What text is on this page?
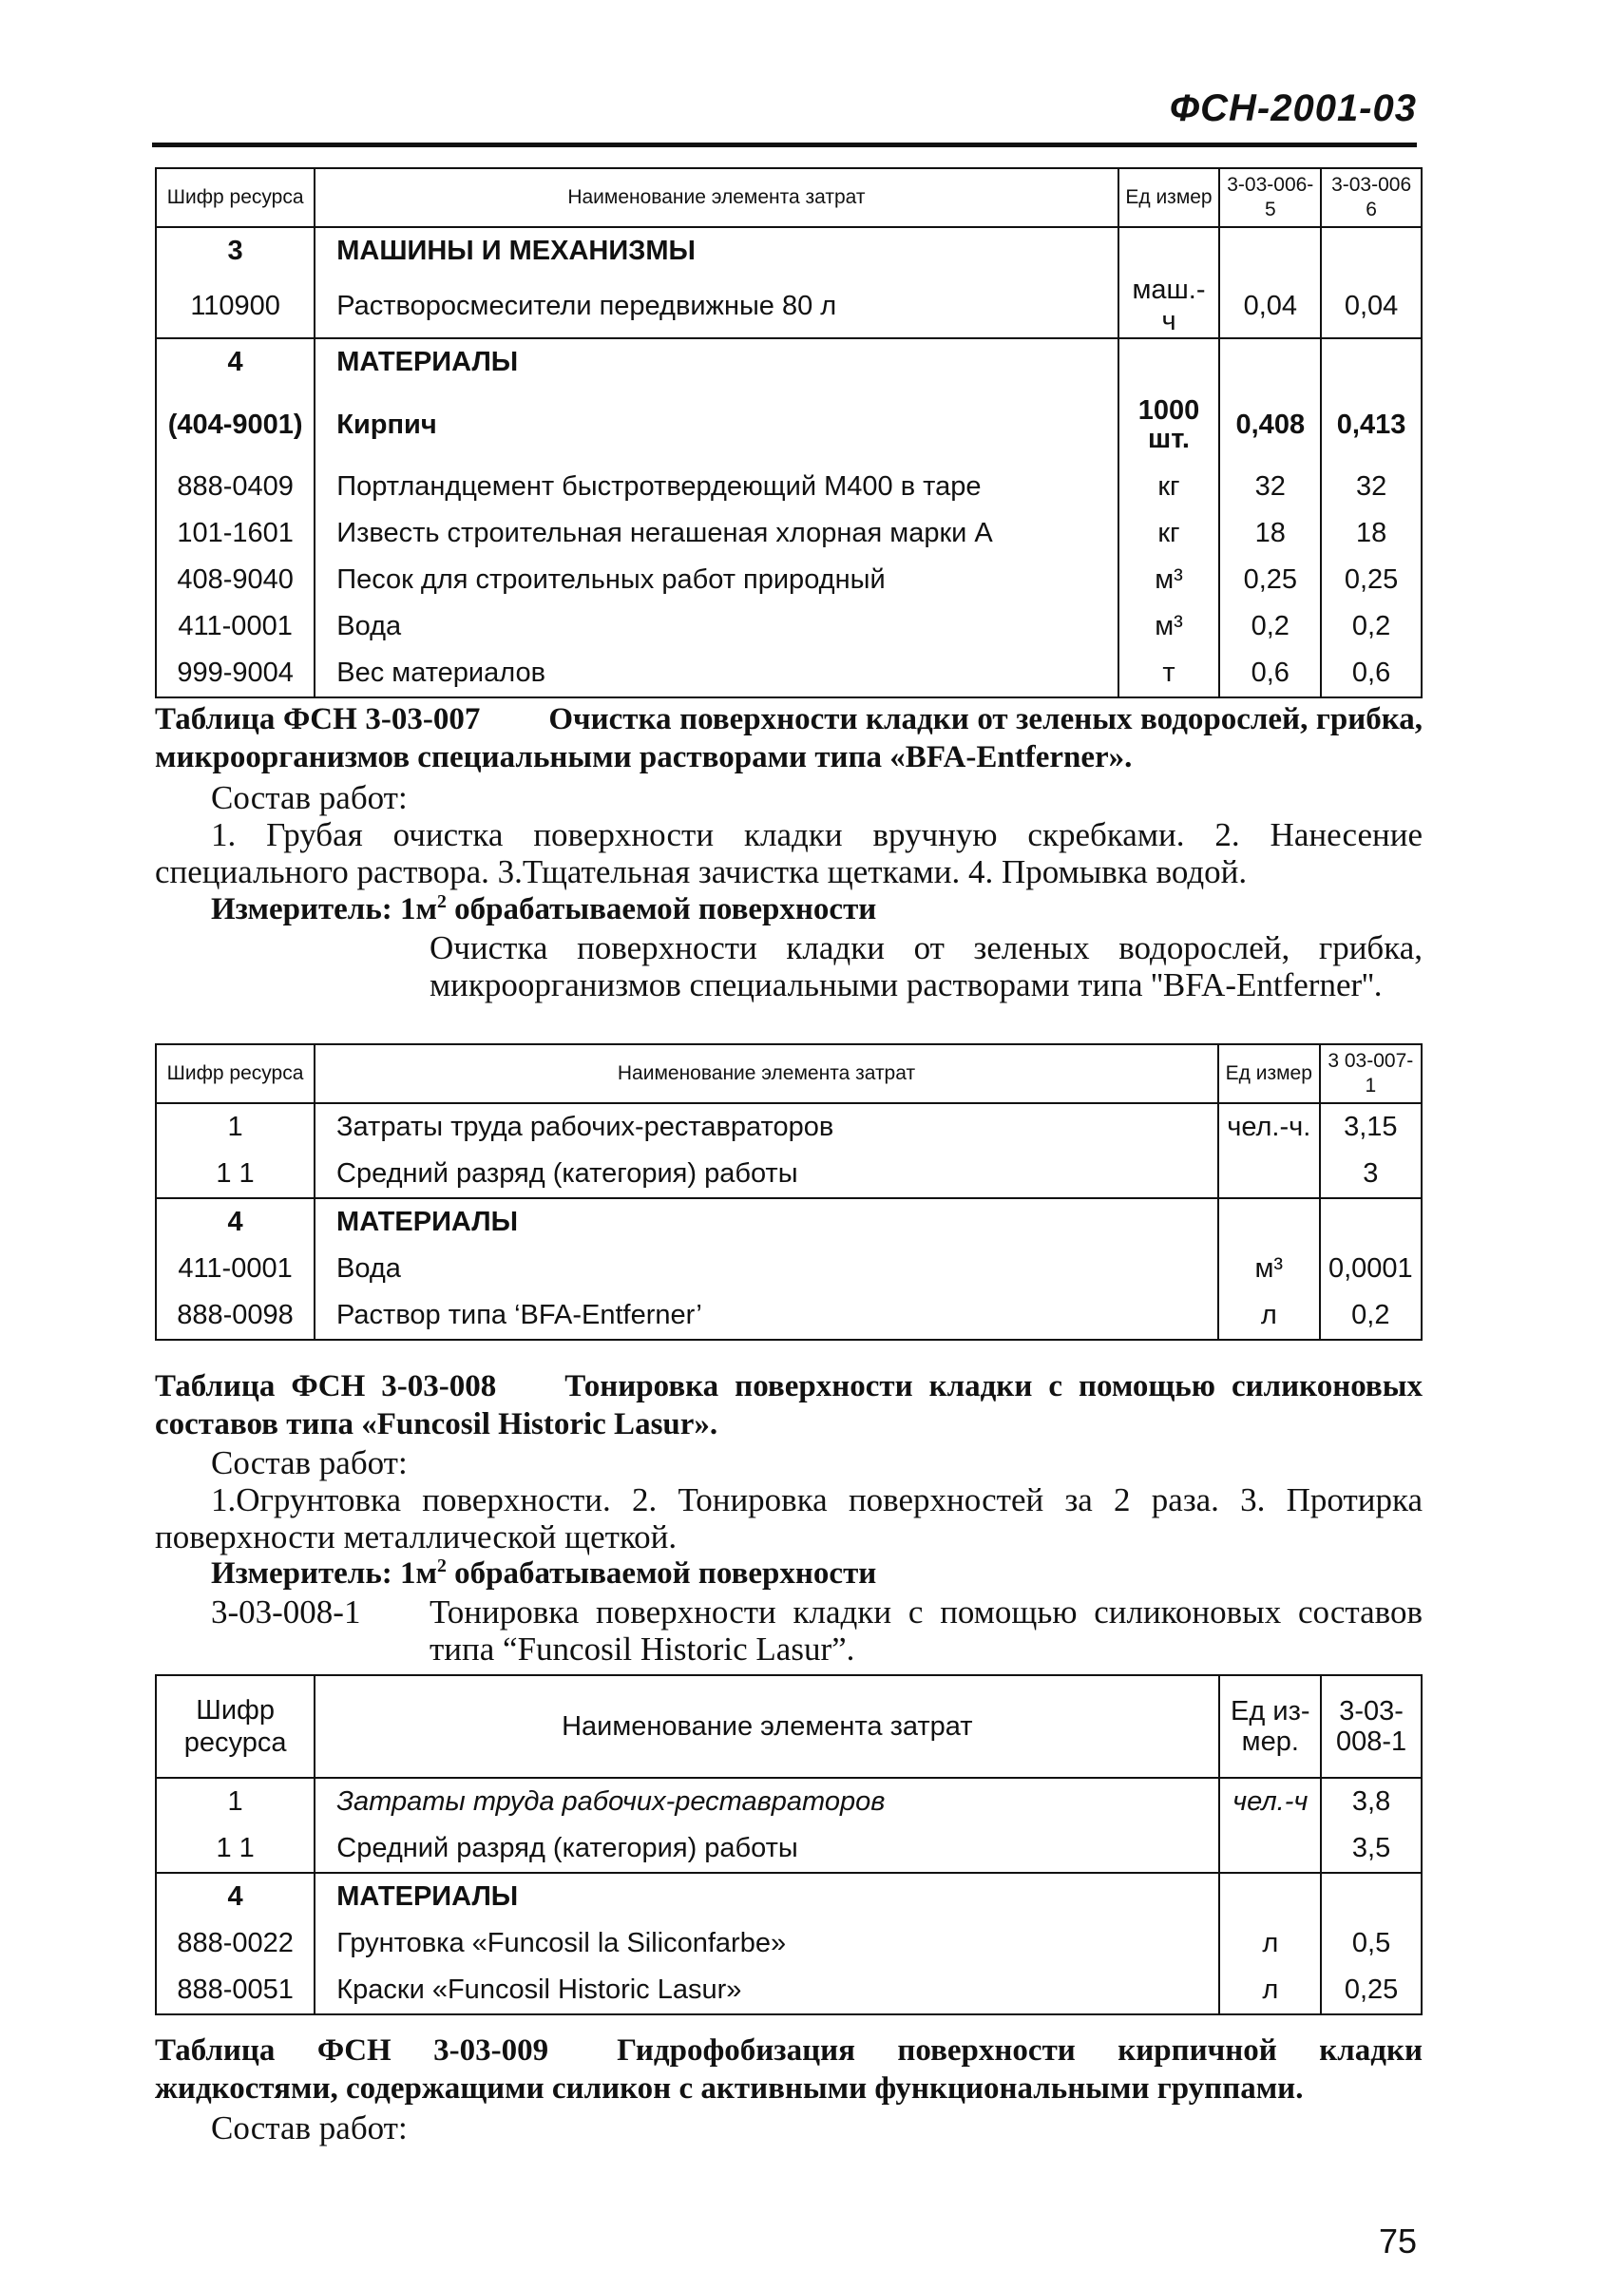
ФСН-2001-03
Шифр ресурса	Наименование элемента затрат	Ед измер	3-03-006-5	3-03-006 6
3	МАШИНЫ И МЕХАНИЗМЫ			
110900	Растворосмесители передвижные 80 л	маш.-ч	0,04	0,04
4	МАТЕРИАЛЫ			
(404-9001)	Кирпич	1000 шт.	0,408	0,413
888-0409	Портландцемент быстротвердеющий М400 в таре	кг	32	32
101-1601	Известь строительная негашеная хлорная марки А	кг	18	18
408-9040	Песок для строительных работ природный	м³	0,25	0,25
411-0001	Вода	м³	0,2	0,2
999-9004	Вес материалов	т	0,6	0,6
Таблица ФСН 3-03-007 Очистка поверхности кладки от зеленых водорослей, грибка, микроорганизмов специальными растворами типа «BFA-Entferner».
Состав работ:
1. Грубая очистка поверхности кладки вручную скребками. 2. Нанесение специального раствора. 3.Тщательная зачистка щетками. 4. Промывка водой.
Измеритель: $1м^2$ обрабатываемой поверхности
Очистка поверхности кладки от зеленых водорослей, грибка, микроорганизмов специальными растворами типа ''BFA-Entferner''.
Шифр ресурса	Наименование элемента затрат	Ед измер	3 03-007-1
1	Затраты труда рабочих-реставраторов	чел.-ч.	3,15
1 1	Средний разряд (категория) работы		3
4	МАТЕРИАЛЫ		
411-0001	Вода	м³	0,0001
888-0098	Раствор типа ‘BFA-Entferner’	л	0,2
Таблица ФСН 3-03-008 Тонировка поверхности кладки с помощью силиконовых составов типа «Funcosil Historic Lasur».
Состав работ:
1.Огрунтовка поверхности. 2. Тонировка поверхностей за 2 раза. 3. Протирка поверхности металлической щеткой.
Измеритель: $1м^2$ обрабатываемой поверхности
3-03-008-1 Тонировка поверхности кладки с помощью силиконовых составов типа “Funcosil Historic Lasur”.
Шифр ресурса	Наименование элемента затрат	Ед из-мер.	3-03-008-1
1	Затраты труда рабочих-реставраторов	чел.-ч	3,8
1 1	Средний разряд (категория) работы		3,5
4	МАТЕРИАЛЫ		
888-0022	Грунтовка «Funcosil la Siliconfarbe»	л	0,5
888-0051	Краски «Funcosil Historic Lasur»	л	0,25
Таблица ФСН 3-03-009 Гидрофобизация поверхности кирпичной кладки жидкостями, содержащими силикон с активными функциональными группами.
Состав работ:
75
